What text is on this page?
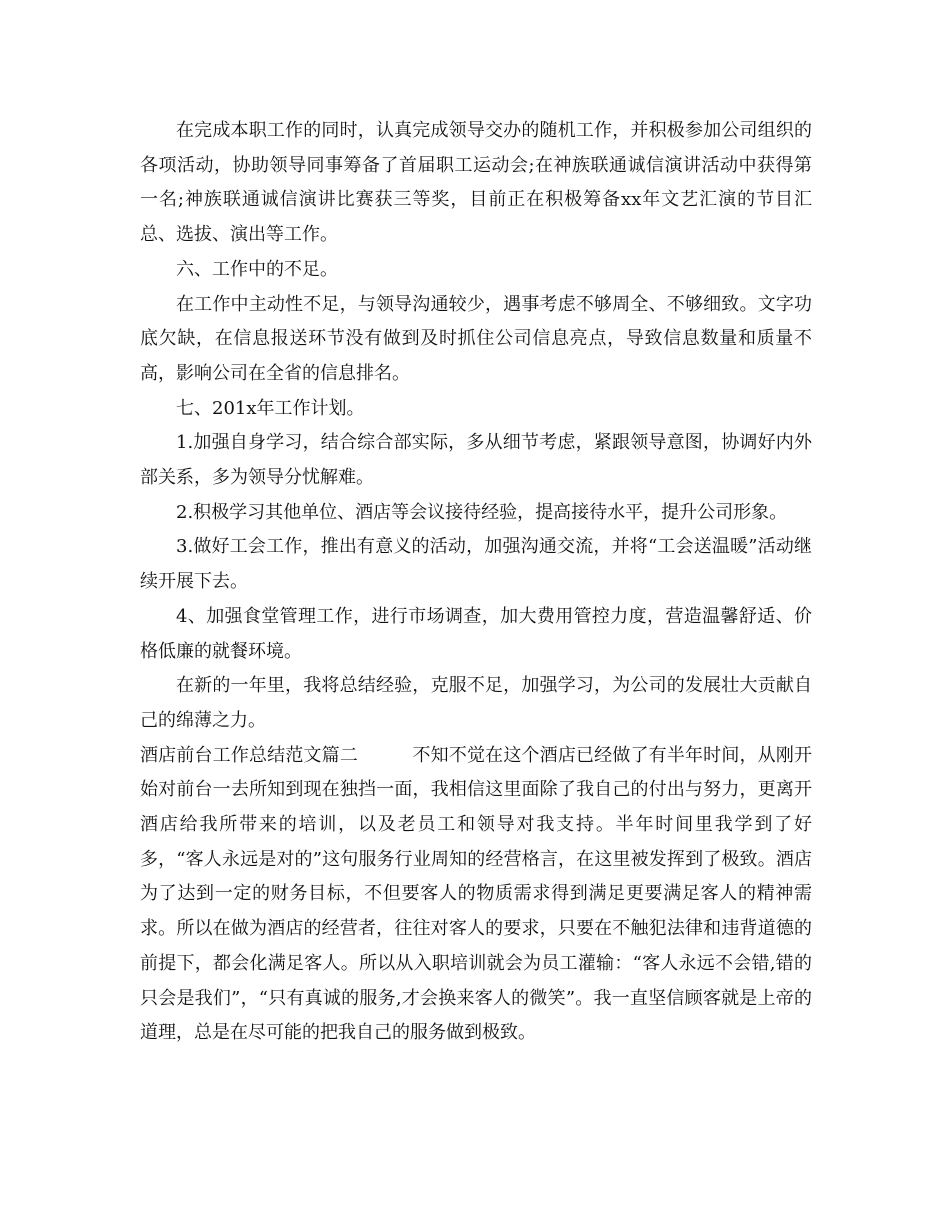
在完成本职工作的同时，认真完成领导交办的随机工作，并积极参加公司组织的各项活动，协助领导同事筹备了首届职工运动会;在神族联通诚信演讲活动中获得第一名;神族联通诚信演讲比赛获三等奖，目前正在积极筹备xx年文艺汇演的节目汇总、选拔、演出等工作。

六、工作中的不足。

在工作中主动性不足，与领导沟通较少，遇事考虑不够周全、不够细致。文字功底欠缺，在信息报送环节没有做到及时抓住公司信息亮点，导致信息数量和质量不高，影响公司在全省的信息排名。

七、201x年工作计划。

1.加强自身学习，结合综合部实际，多从细节考虑，紧跟领导意图，协调好内外部关系，多为领导分忧解难。

2.积极学习其他单位、酒店等会议接待经验，提高接待水平，提升公司形象。

3.做好工会工作，推出有意义的活动，加强沟通交流，并将“工会送温暖”活动继续开展下去。

4、加强食堂管理工作，进行市场调查，加大费用管控力度，营造温馨舒适、价格低廉的就餐环境。

在新的一年里，我将总结经验，克服不足，加强学习，为公司的发展壮大贡献自己的绵薄之力。

酒店前台工作总结范文篇二　　　不知不觉在这个酒店已经做了有半年时间，从刚开始对前台一去所知到现在独挡一面，我相信这里面除了我自己的付出与努力，更离开酒店给我所带来的培训，以及老员工和领导对我支持。半年时间里我学到了好多，“客人永远是对的”这句服务行业周知的经营格言，在这里被发挥到了极致。酒店为了达到一定的财务目标，不但要客人的物质需求得到满足更要满足客人的精神需求。所以在做为酒店的经营者，往往对客人的要求，只要在不触犯法律和违背道德的前提下，都会化满足客人。所以从入职培训就会为员工灌输：“客人永远不会错,错的只会是我们”，“只有真诚的服务,才会换来客人的微笑”。我一直坚信顾客就是上帝的道理，总是在尽可能的把我自己的服务做到极致。
